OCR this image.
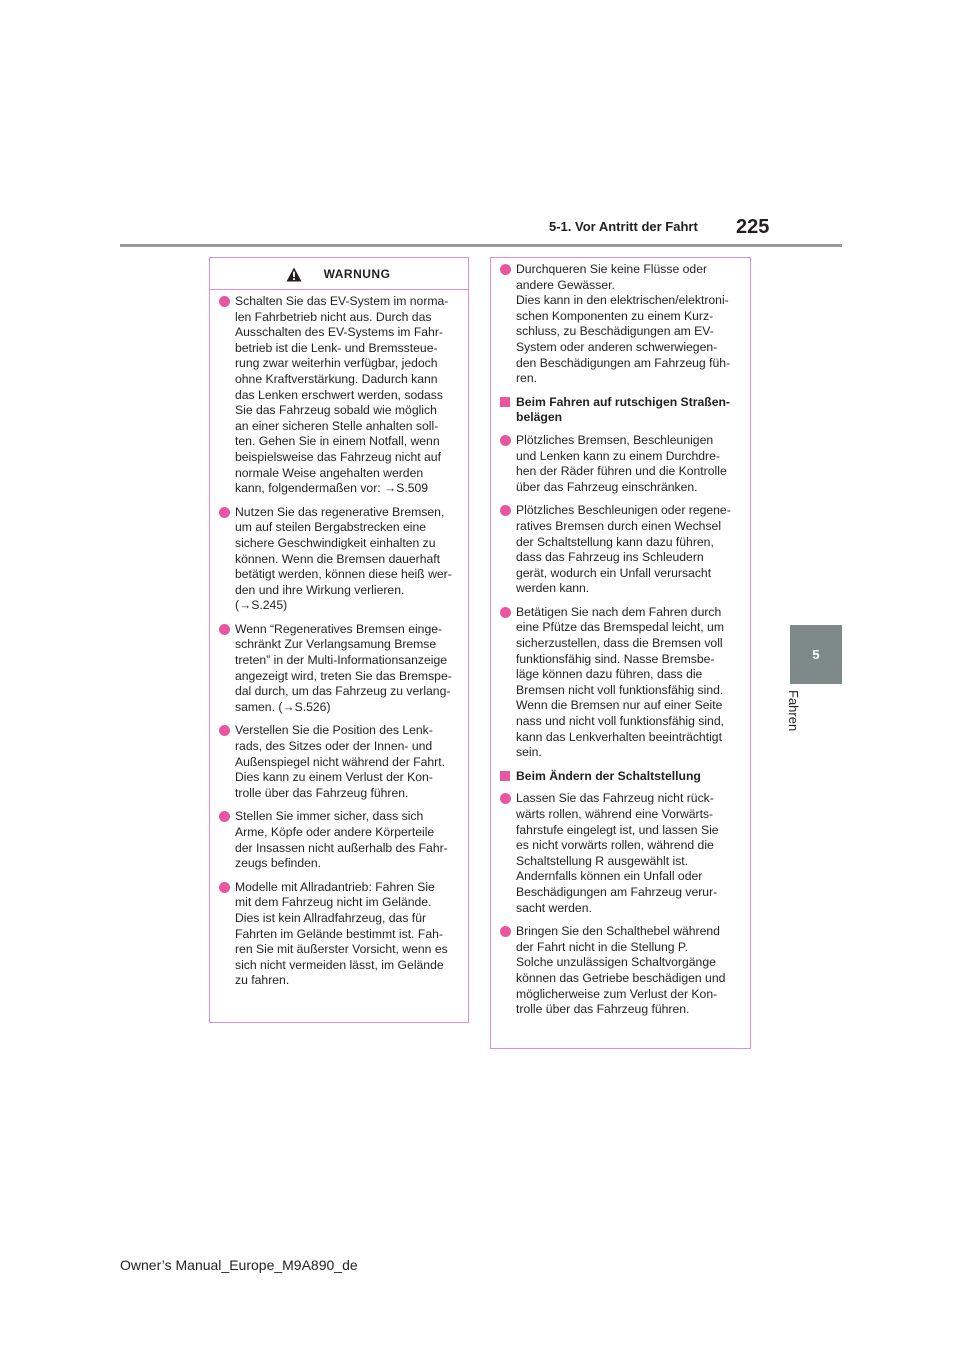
5-1. Vor Antritt der Fahrt 225
5
Fahren
WARNUNG
Schalten Sie das EV-System im norma-
len Fahrbetrieb nicht aus. Durch das
Ausschalten des EV-Systems im Fahr-
betrieb ist die Lenk- und Bremssteue-
rung zwar weiterhin verfügbar, jedoch
ohne Kraftverstärkung. Dadurch kann
das Lenken erschwert werden, sodass
Sie das Fahrzeug sobald wie möglich
an einer sicheren Stelle anhalten soll-
ten. Gehen Sie in einem Notfall, wenn
beispielsweise das Fahrzeug nicht auf
normale Weise angehalten werden
kann, folgendermaßen vor: →S.509
Nutzen Sie das regenerative Bremsen,
um auf steilen Bergabstrecken eine
sichere Geschwindigkeit einhalten zu
können. Wenn die Bremsen dauerhaft
betätigt werden, können diese heiß wer-
den und ihre Wirkung verlieren.
(→S.245)
Wenn “Regeneratives Bremsen einge-
schränkt Zur Verlangsamung Bremse
treten” in der Multi-Informationsanzeige
angezeigt wird, treten Sie das Bremspe-
dal durch, um das Fahrzeug zu verlang-
samen. (→S.526)
Verstellen Sie die Position des Lenk-
rads, des Sitzes oder der Innen- und
Außenspiegel nicht während der Fahrt.
Dies kann zu einem Verlust der Kon-
trolle über das Fahrzeug führen.
Stellen Sie immer sicher, dass sich
Arme, Köpfe oder andere Körperteile
der Insassen nicht außerhalb des Fahr-
zeugs befinden.
Modelle mit Allradantrieb: Fahren Sie
mit dem Fahrzeug nicht im Gelände.
Dies ist kein Allradfahrzeug, das für
Fahrten im Gelände bestimmt ist. Fah-
ren Sie mit äußerster Vorsicht, wenn es
sich nicht vermeiden lässt, im Gelände
zu fahren.
Durchqueren Sie keine Flüsse oder
andere Gewässer.
Dies kann in den elektrischen/elektroni-
schen Komponenten zu einem Kurz-
schluss, zu Beschädigungen am EV-
System oder anderen schwerwiegen-
den Beschädigungen am Fahrzeug füh-
ren.
Beim Fahren auf rutschigen Straßen-
belägen
Plötzliches Bremsen, Beschleunigen
und Lenken kann zu einem Durchdre-
hen der Räder führen und die Kontrolle
über das Fahrzeug einschränken.
Plötzliches Beschleunigen oder regene-
ratives Bremsen durch einen Wechsel
der Schaltstellung kann dazu führen,
dass das Fahrzeug ins Schleudern
gerät, wodurch ein Unfall verursacht
werden kann.
Betätigen Sie nach dem Fahren durch
eine Pfütze das Bremspedal leicht, um
sicherzustellen, dass die Bremsen voll
funktionsfähig sind. Nasse Bremsbe-
läge können dazu führen, dass die
Bremsen nicht voll funktionsfähig sind.
Wenn die Bremsen nur auf einer Seite
nass und nicht voll funktionsfähig sind,
kann das Lenkverhalten beeinträchtigt
sein.
Beim Ändern der Schaltstellung
Lassen Sie das Fahrzeug nicht rück-
wärts rollen, während eine Vorwärts-
fahrstufe eingelegt ist, und lassen Sie
es nicht vorwärts rollen, während die
Schaltstellung R ausgewählt ist.
Andernfalls können ein Unfall oder
Beschädigungen am Fahrzeug verur-
sacht werden.
Bringen Sie den Schalthebel während
der Fahrt nicht in die Stellung P.
Solche unzulässigen Schaltvorgänge
können das Getriebe beschädigen und
möglicherweise zum Verlust der Kon-
trolle über das Fahrzeug führen.
Owner’s Manual_Europe_M9A890_de
